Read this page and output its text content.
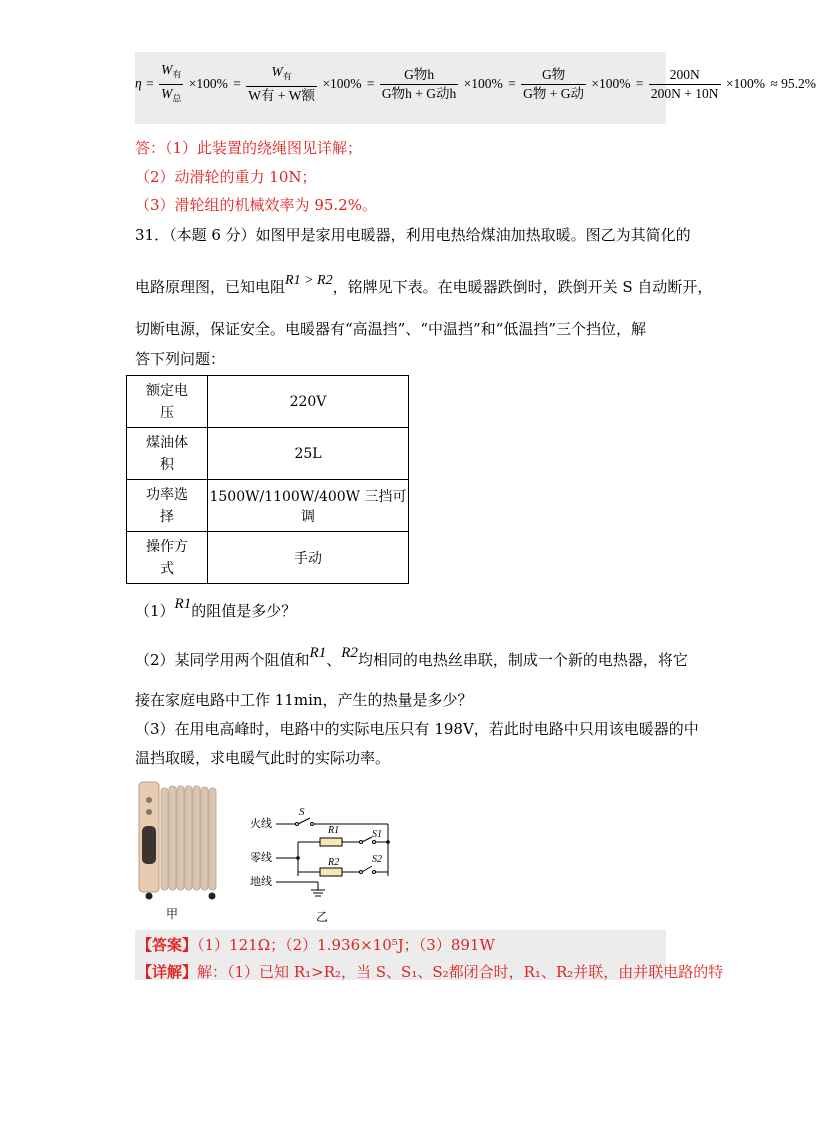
$\eta = \frac{W_有}{W_总} \times 100\% = \frac{W_有}{\text{W有 + W额}} \times 100\% = \frac{\text{G物h}}{\text{G物h + G动h}} \times 100\% = \frac{\text{G物}}{\text{G物 + G动}} \times 100\% = \frac{200N}{200N + 10N} \times 100\% \approx 95.2\%$
答：（1）此装置的绕绳图见详解；
（2）动滑轮的重力 10N；
（3）滑轮组的机械效率为 95.2%。
31．（本题 6 分）如图甲是家用电暖器，利用电热给煤油加热取暖。图乙为其简化的
电路原理图，已知电阻R1 > R2，铭牌见下表。在电暖器跌倒时，跌倒开关 S 自动断开，
切断电源，保证安全。电暖器有“高温挡”、“中温挡”和“低温挡”三个挡位，解
答下列问题：
额定电
压	220V
煤油体
积	25L
功率选
择	1500W/1100W/400W 三挡可调
操作方
式	手动
（1）R1的阻值是多少？
（2）某同学用两个阻值和R1、R2均相同的电热丝串联，制成一个新的电热器，将它
接在家庭电路中工作 11min，产生的热量是多少？
（3）在用电高峰时，电路中的实际电压只有 198V，若此时电路中只用该电暖器的中
温挡取暖，求电暖气此时的实际功率。
甲
火线
零线
地线
S
R1
R2
S1
S2
乙
【答案】（1）121Ω；（2）1.936×10⁵J；（3）891W
【详解】解：（1）已知 R₁>R₂，当 S、S₁、S₂都闭合时，R₁、R₂并联，由并联电路的特
